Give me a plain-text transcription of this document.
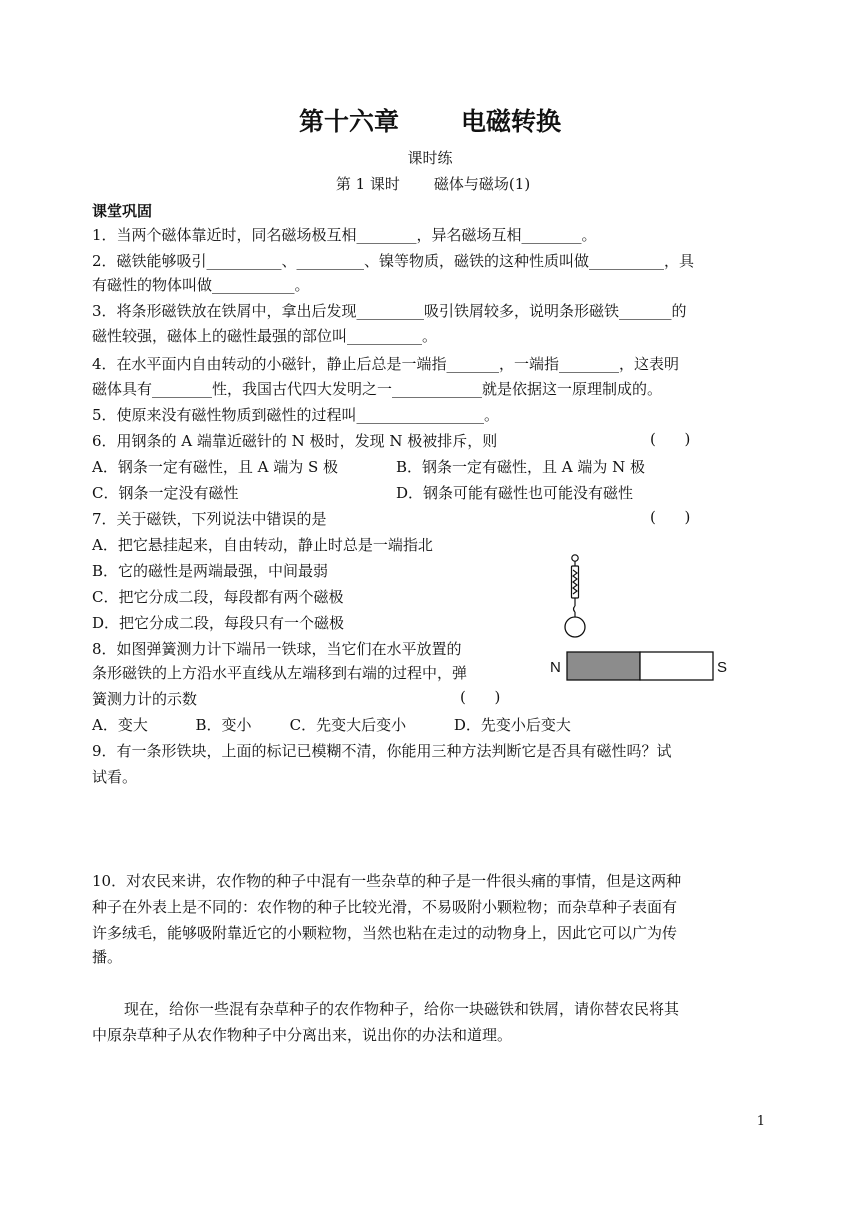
第十六章 电磁转换
课时练
第 1 课时 磁体与磁场(1)
课堂巩固
1．当两个磁体靠近时，同名磁场极互相________，异名磁场互相________。
2．磁铁能够吸引__________、_________、镍等物质，磁铁的这种性质叫做__________，具
有磁性的物体叫做___________。
3．将条形磁铁放在铁屑中，拿出后发现_________吸引铁屑较多，说明条形磁铁_______的
磁性较强，磁体上的磁性最强的部位叫__________。
4．在水平面内自由转动的小磁针，静止后总是一端指_______，一端指________，这表明
磁体具有________性，我国古代四大发明之一____________就是依据这一原理制成的。
5．使原来没有磁性物质到磁性的过程叫_________________。
6．用钢条的 A 端靠近磁针的 N 极时，发现 N 极被排斥，则	(      )
A．钢条一定有磁性，且 A 端为 S 极	B．钢条一定有磁性，且 A 端为 N 极
C．钢条一定没有磁性	D．钢条可能有磁性也可能没有磁性
7．关于磁铁，下列说法中错误的是	(      )
A．把它悬挂起来，自由转动，静止时总是一端指北
B．它的磁性是两端最强，中间最弱
C．把它分成二段，每段都有两个磁极
D．把它分成二段，每段只有一个磁极
8．如图弹簧测力计下端吊一铁球，当它们在水平放置的
条形磁铁的上方沿水平直线从左端移到右端的过程中，弹
簧测力计的示数	(      )
A．变大          B．变小        C．先变大后变小          D．先变小后变大
N	S
9．有一条形铁块，上面的标记已模糊不清，你能用三种方法判断它是否具有磁性吗？试
试看。
10．对农民来讲，农作物的种子中混有一些杂草的种子是一件很头痛的事情，但是这两种
种子在外表上是不同的：农作物的种子比较光滑，不易吸附小颗粒物；而杂草种子表面有
许多绒毛，能够吸附靠近它的小颗粒物，当然也粘在走过的动物身上，因此它可以广为传
播。
现在，给你一些混有杂草种子的农作物种子，给你一块磁铁和铁屑，请你替农民将其
中原杂草种子从农作物种子中分离出来，说出你的办法和道理。
1
